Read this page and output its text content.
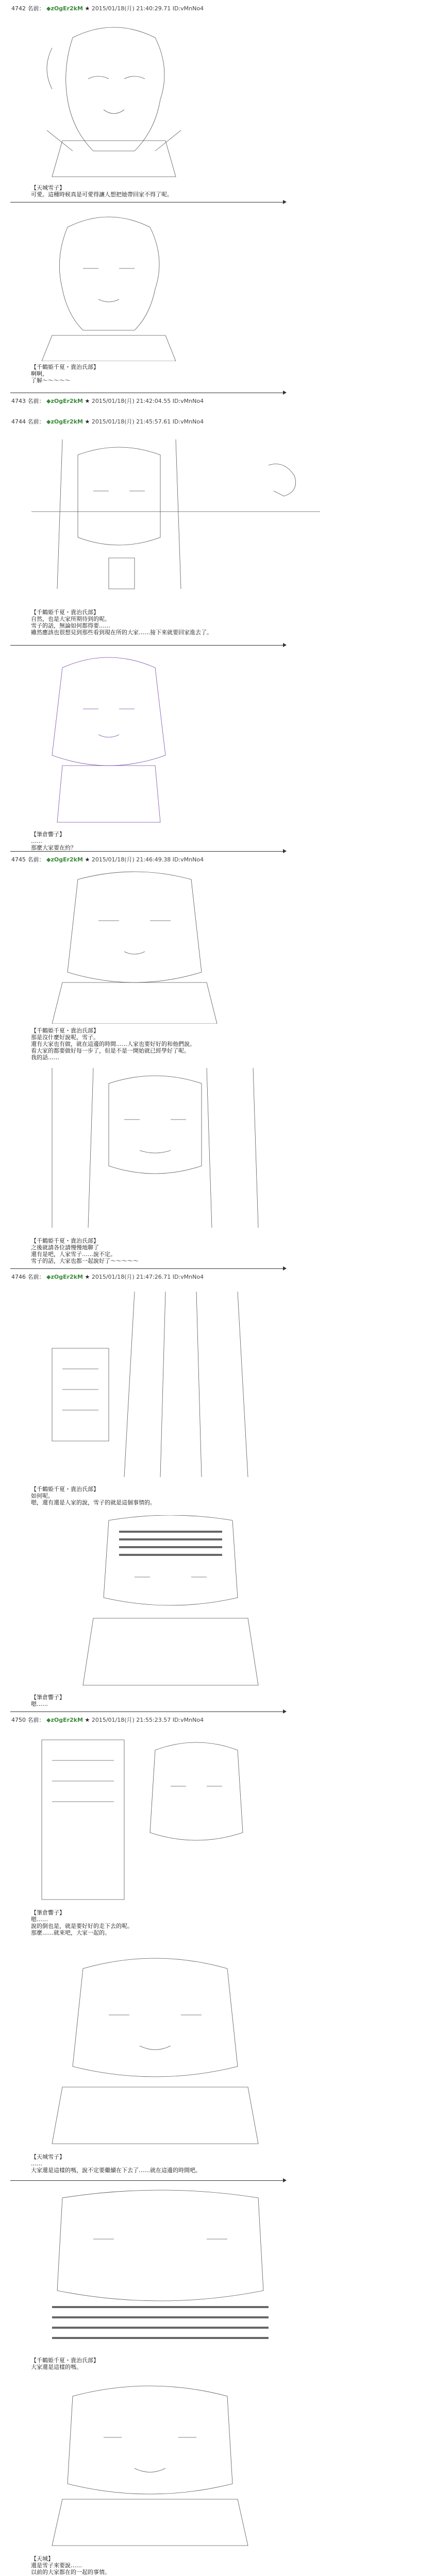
4742 名前： ◆zOgEr2kM ★ 2015/01/18(月) 21:40:29.71 ID:vMnNo4
【天城雪子】
可愛。這種時候真是可愛得讓人想把她帶回家不得了呢。
【千鶴姫千夏・貴治氏部】
啊啊，
了解～～～～～
4743 名前： ◆zOgEr2kM ★ 2015/01/18(月) 21:42:04.55 ID:vMnNo4
4744 名前： ◆zOgEr2kM ★ 2015/01/18(月) 21:45:57.61 ID:vMnNo4
【千鶴姫千夏・貴治氏部】
自然，也是大家所期待到的呢。
雪子的話，無論如何都得要……
雖然應該也很想見到那些看到現在所的大家……接下來就要回家進去了。
【筆倉響子】
……
那麼大家要在約？
4745 名前： ◆zOgEr2kM ★ 2015/01/18(月) 21:46:49.38 ID:vMnNo4
【千鶴姫千夏・貴治氏部】
那是沒什麼好說呢，雪子。
還有大家也有做，就在這邊的時間……人家也要好好的和他們說。
看大家的都要做好每一步了，但是不是一開始就已經學好了呢。
我的話……
【千鶴姫千夏・貴治氏部】
之後就請各位請慢慢地聊了
還有是吧，人家雪子……說不定。
雪子的話，大家也都一起說好了～～～～～
4746 名前： ◆zOgEr2kM ★ 2015/01/18(月) 21:47:26.71 ID:vMnNo4
【千鶴姫千夏・貴治氏部】
如何呢。
嗯，還有還是人家的說，雪子的就是這個事情的。
【筆倉響子】
嗯……
4750 名前： ◆zOgEr2kM ★ 2015/01/18(月) 21:55:23.57 ID:vMnNo4
【筆倉響子】
嗯……
說的倒也是，就是要好好的走下去的呢。
那麼……就來吧，大家一起的。
【天城雪子】
……
大家還是這樣的嗎，說不定要繼續在下去了……就在這邊的時間吧。
【千鶴姫千夏・貴治氏部】
大家還是這樣的嗎。
【天城】
還是雪子來要說……
以前的大家都在的一起的事情。
